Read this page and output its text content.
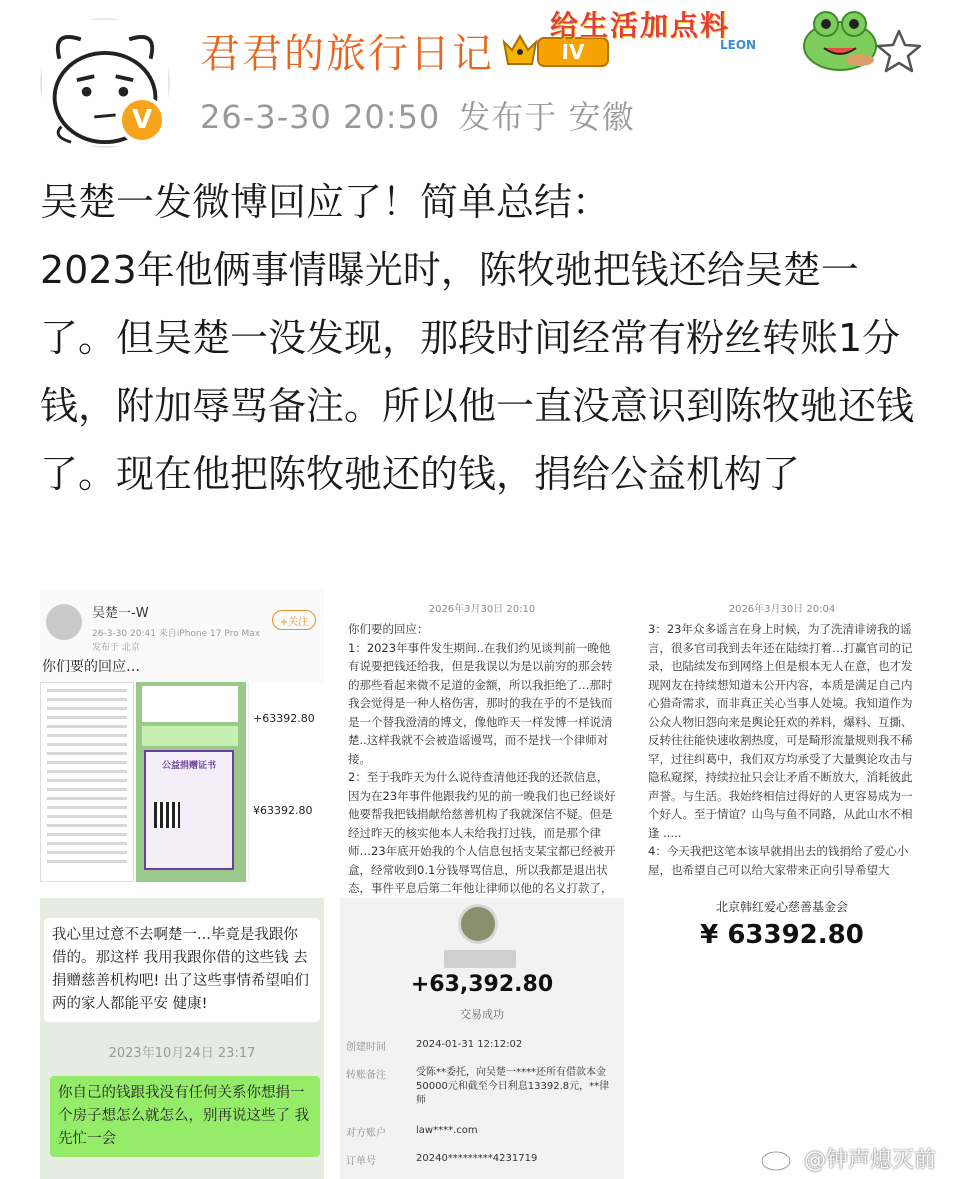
V
君君的旅行日记	IV
给生活加点料
LEON
26-3-30 20:50 发布于 安徽
吴楚一发微博回应了！简单总结：
2023年他俩事情曝光时，陈牧驰把钱还给吴楚一了。但吴楚一没发现，那段时间经常有粉丝转账1分钱，附加辱骂备注。所以他一直没意识到陈牧驰还钱了。现在他把陈牧驰还的钱，捐给公益机构了
吴楚一-W
26-3-30 20:41 来自iPhone 17 Pro Max
发布于 北京
+关注
你们要的回应…
公益捐赠证书
+63392.80
¥63392.80
2026年3月30日 20:10
你们要的回应：
1：2023年事件发生期间..在我们约见谈判前一晚他有说要把钱还给我，但是我误以为是以前穷的那会转的那些看起来微不足道的金额，所以我拒绝了…那时我会觉得是一种人格伤害，那时的我在乎的不是钱而是一个替我澄清的博文，像他昨天一样发博一样说清楚..这样我就不会被造谣谩骂，而不是找一个律师对接。
2：至于我昨天为什么说待查清他还我的还款信息，因为在23年事件他跟我约见的前一晚我们也已经谈好他要帮我把钱捐献给慈善机构了我就深信不疑。但是经过昨天的核实他本人未给我打过钱，而是那个律师…23年底开始我的个人信息包括支某宝都已经被开盒，经常收到0.1分钱辱骂信息，所以我都是退出状态，事件平息后第二年他让律师以他的名义打款了，
2026年3月30日 20:04
3：23年众多谣言在身上时候，为了洗清诽谤我的谣言，很多官司我到去年还在陆续打着…打赢官司的记录，也陆续发布到网络上但是根本无人在意，也才发现网友在持续想知道未公开内容，本质是满足自己内心猎奇需求，而非真正关心当事人处境。我知道作为公众人物旧怨向来是舆论狂欢的养料，爆料、互撕、反转往往能快速收割热度，可是畸形流量规则我不稀罕，过往纠葛中，我们双方均承受了大量舆论攻击与隐私窥探，持续拉扯只会让矛盾不断放大，消耗彼此声誉。与生活。我始终相信过得好的人更容易成为一个好人。至于情谊？山鸟与鱼不同路，从此山水不相逢 .....
4：今天我把这笔本该早就捐出去的钱捐给了爱心小屋，也希望自己可以给大家带来正向引导希望大
我心里过意不去啊楚一...毕竟是我跟你借的。那这样 我用我跟你借的这些钱 去捐赠慈善机构吧! 出了这些事情希望咱们两的家人都能平安 健康!
2023年10月24日 23:17
你自己的钱跟我没有任何关系你想捐一个房子想怎么就怎么，别再说这些了 我先忙一会
+63,392.80
交易成功
创建时间	2024-01-31 12:12:02
转账备注	受陈**委托，向吴楚一****还所有借款本金50000元和截至今日利息13392.8元，**律师
对方账户	law****.com
订单号	20240*********4231719
北京韩红爱心慈善基金会
¥ 63392.80
@钟声熄灭前
